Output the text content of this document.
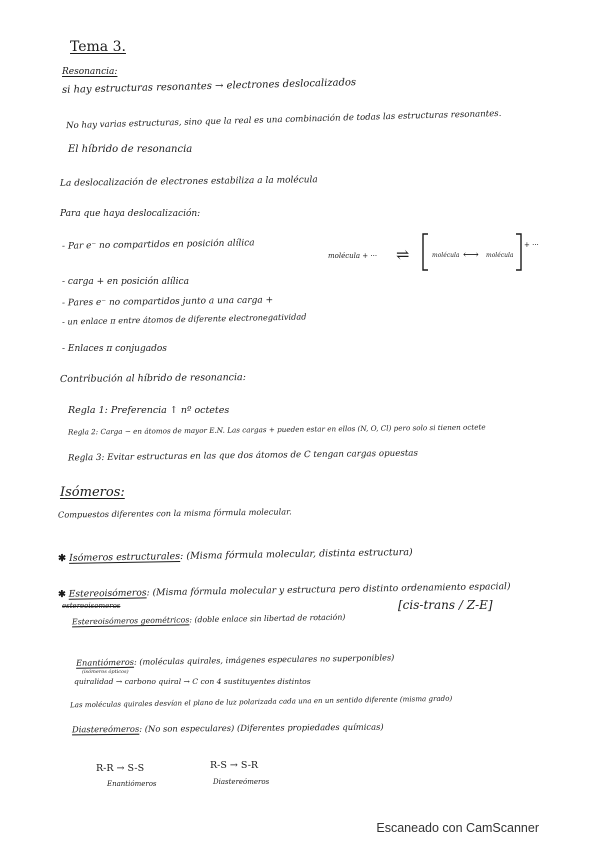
Tema 3.
Resonancia:
si hay estructuras resonantes → electrones deslocalizados
No hay varias estructuras, sino que la real es una combinación de todas las estructuras resonantes.
El híbrido de resonancia
La deslocalización de electrones estabiliza a la molécula
Para que haya deslocalización:
- Par e⁻ no compartidos en posición alílica
- carga + en posición alílica
- Pares e⁻ no compartidos junto a una carga +
- un enlace π entre átomos de diferente electronegatividad
- Enlaces π conjugados
molécula + ··· ⇌	molécula ⟷ molécula
+ ···
Contribución al híbrido de resonancia:
Regla 1: Preferencia ↑ nº octetes
Regla 2: Carga − en átomos de mayor E.N. Las cargas + pueden estar en ellos (N, O, Cl) pero solo si tienen octete
Regla 3: Evitar estructuras en las que dos átomos de C tengan cargas opuestas
Isómeros:
Compuestos diferentes con la misma fórmula molecular.
✱ Isómeros estructurales: (Misma fórmula molecular, distinta estructura)
✱ Estereoisómeros: (Misma fórmula molecular y estructura pero distinto ordenamiento espacial)
estereoisomeros
Estereoisómeros geométricos: (doble enlace sin libertad de rotación)
[cis-trans / Z-E]
Enantiómeros: (moléculas quirales, imágenes especulares no superponibles)
(isómeros ópticos)
quiralidad → carbono quiral → C con 4 sustituyentes distintos
Las moléculas quirales desvían el plano de luz polarizada cada una en un sentido diferente (misma grado)
Diastereómeros: (No son especulares) (Diferentes propiedades químicas)
R-R → S-S
Enantiómeros
R-S → S-R
Diastereómeros
Escaneado con CamScanner
